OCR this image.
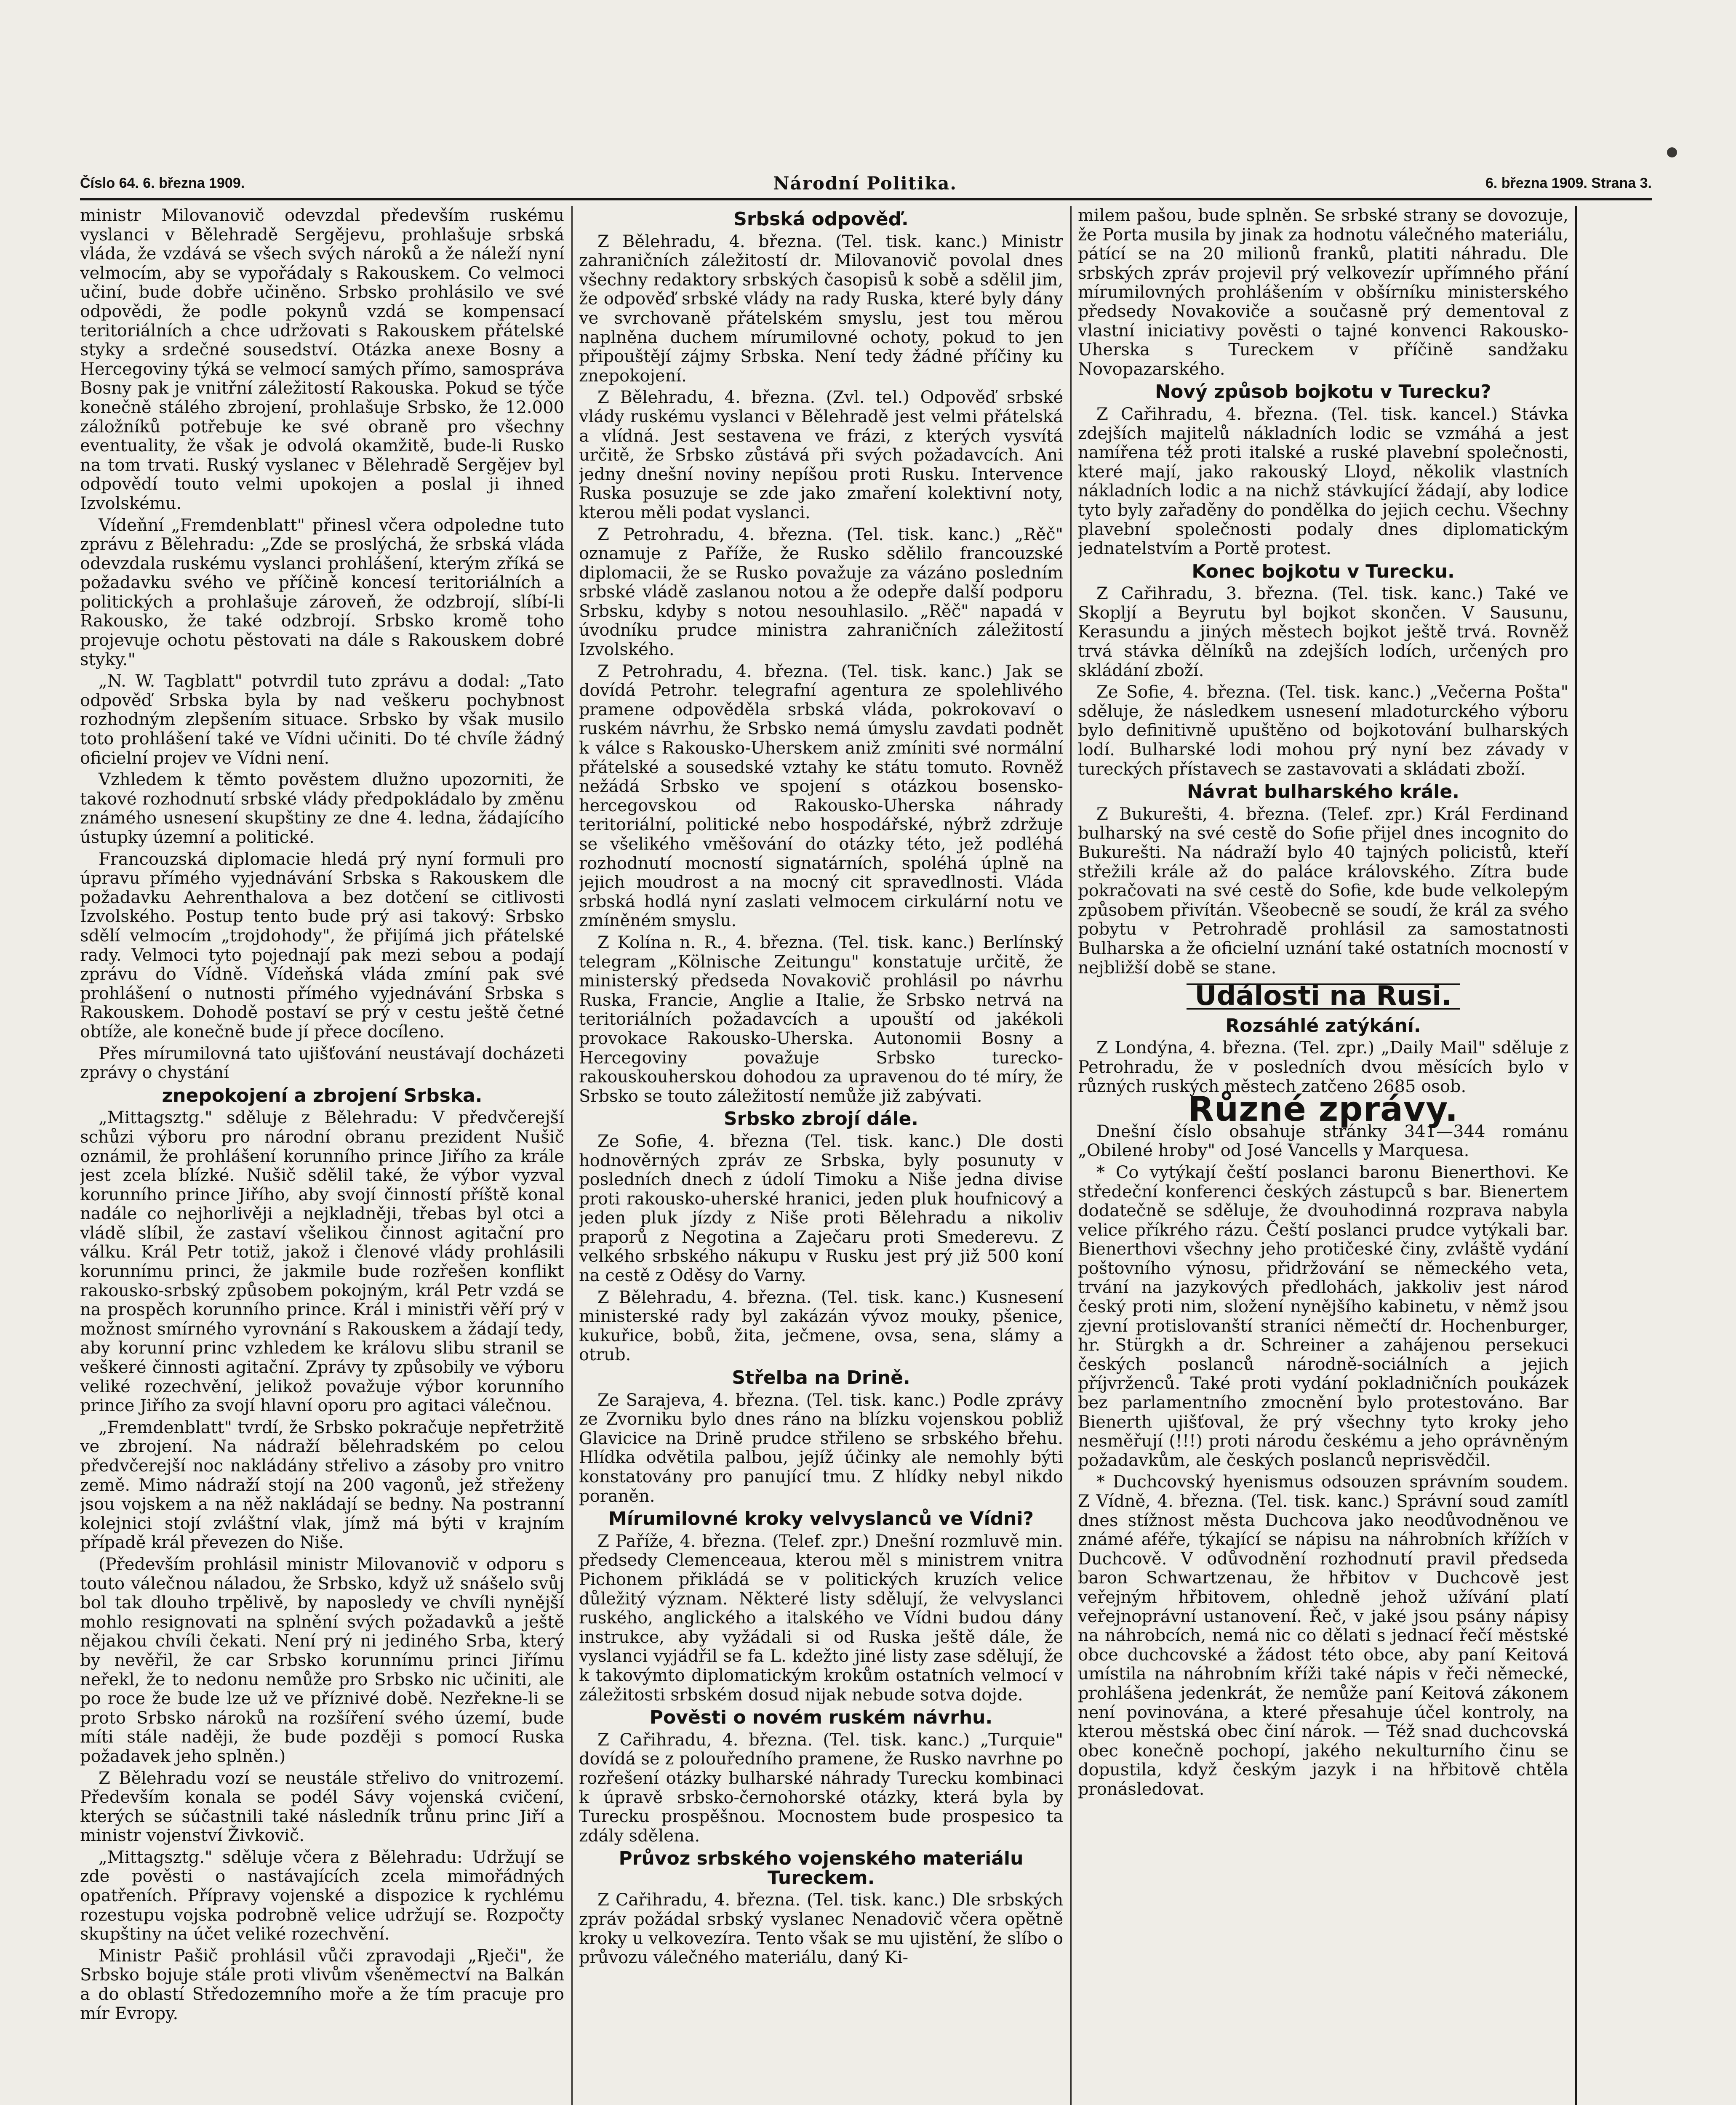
Číslo 64. 6. března 1909.	Národní Politika.	6. března 1909. Strana 3.

ministr Milovanovič odevzdal především ruskému vyslanci v Bělehradě Sergějevu, prohlašuje srbská vláda, že vzdává se všech svých nároků a že náleží nyní velmocím, aby se vypořádaly s Rakouskem. Co velmoci učiní, bude dobře učiněno. Srbsko prohlásilo ve své odpovědi, že podle pokynů vzdá se kompensací teritoriálních a chce udržovati s Rakouskem přátelské styky a srdečné sousedství. Otázka anexe Bosny a Hercegoviny týká se velmocí samých přímo, samospráva Bosny pak je vnitřní záležitostí Rakouska. Pokud se týče konečně stálého zbrojení, prohlašuje Srbsko, že 12.000 záložníků potřebuje ke své obraně pro všechny eventuality, že však je odvolá okamžitě, bude-li Rusko na tom trvati. Ruský vyslanec v Bělehradě Sergějev byl odpovědí touto velmi upokojen a poslal ji ihned Izvolskému.

Vídeňní „Fremdenblatt" přinesl včera odpoledne tuto zprávu z Bělehradu: „Zde se proslýchá, že srbská vláda odevzdala ruskému vyslanci prohlášení, kterým zříká se požadavku svého ve příčině koncesí teritoriálních a politických a prohlašuje zároveň, že odzbrojí, slíbí-li Rakousko, že také odzbrojí. Srbsko kromě toho projevuje ochotu pěstovati na dále s Rakouskem dobré styky."

„N. W. Tagblatt" potvrdil tuto zprávu a dodal: „Tato odpověď Srbska byla by nad veškeru pochybnost rozhodným zlepšením situace. Srbsko by však musilo toto prohlášení také ve Vídni učiniti. Do té chvíle žádný oficielní projev ve Vídni není.

Vzhledem k těmto pověstem dlužno upozorniti, že takové rozhodnutí srbské vlády předpokládalo by změnu známého usnesení skupštiny ze dne 4. ledna, žádajícího ústupky územní a politické.

Francouzská diplomacie hledá prý nyní formuli pro úpravu přímého vyjednávání Srbska s Rakouskem dle požadavku Aehrenthalova a bez dotčení se citlivosti Izvolského. Postup tento bude prý asi takový: Srbsko sdělí velmocím „trojdohody", že přijímá jich přátelské rady. Velmoci tyto pojednají pak mezi sebou a podají zprávu do Vídně. Vídeňská vláda zmíní pak své prohlášení o nutnosti přímého vyjednávání Srbska s Rakouskem. Dohodě postaví se prý v cestu ještě četné obtíže, ale konečně bude jí přece docíleno.

Přes mírumilovná tato ujišťování neustávají docházeti zprávy o chystání

znepokojení a zbrojení Srbska.

„Mittagsztg." sděluje z Bělehradu: V předvčerejší schůzi výboru pro národní obranu prezident Nušič oznámil, že prohlášení korunního prince Jiřího za krále jest zcela blízké. Nušič sdělil také, že výbor vyzval korunního prince Jiřího, aby svojí činností příště konal nadále co nejhorlivěji a nejkladněji, třebas byl otci a vládě slíbil, že zastaví všelikou činnost agitační pro válku. Král Petr totiž, jakož i členové vlády prohlásili korunnímu princi, že jakmile bude rozřešen konflikt rakousko-srbský způsobem pokojným, král Petr vzdá se na prospěch korunního prince. Král i ministři věří prý v možnost smírného vyrovnání s Rakouskem a žádají tedy, aby korunní princ vzhledem ke královu slibu stranil se veškeré činnosti agitační. Zprávy ty způsobily ve výboru veliké rozechvění, jelikož považuje výbor korunního prince Jiřího za svojí hlavní oporu pro agitaci válečnou.

„Fremdenblatt" tvrdí, že Srbsko pokračuje nepřetržitě ve zbrojení. Na nádraží bělehradském po celou předvčerejší noc nakládány střelivo a zásoby pro vnitro země. Mimo nádraží stojí na 200 vagonů, jež střeženy jsou vojskem a na něž nakládají se bedny. Na postranní kolejnici stojí zvláštní vlak, jímž má býti v krajním případě král převezen do Niše.

(Především prohlásil ministr Milovanovič v odporu s touto válečnou náladou, že Srbsko, když už snášelo svůj bol tak dlouho trpělivě, by naposledy ve chvíli nynější mohlo resignovati na splnění svých požadavků a ještě nějakou chvíli čekati. Není prý ni jediného Srba, který by nevěřil, že car Srbsko korunnímu princi Jiřímu neřekl, že to nedonu nemůže pro Srbsko nic učiniti, ale po roce že bude lze už ve příznivé době. Nezřekne-li se proto Srbsko nároků na rozšíření svého území, bude míti stále naději, že bude později s pomocí Ruska požadavek jeho splněn.)

Z Bělehradu vozí se neustále střelivo do vnitrozemí. Především konala se podél Sávy vojenská cvičení, kterých se súčastnili také následník trůnu princ Jiří a ministr vojenství Živkovič.

„Mittagsztg." sděluje včera z Bělehradu: Udržují se zde pověsti o nastávajících zcela mimořádných opatřeních. Přípravy vojenské a dispozice k rychlému rozestupu vojska podrobně velice udržují se. Rozpočty skupštiny na účet veliké rozechvění.

Ministr Pašič prohlásil vůči zpravodaji „Rječi", že Srbsko bojuje stále proti vlivům všeněmectví na Balkán a do oblastí Středozemního moře a že tím pracuje pro mír Evropy.

Srbská odpověď.

Z Bělehradu, 4. března. (Tel. tisk. kanc.) Ministr zahraničních záležitostí dr. Milovanovič povolal dnes všechny redaktory srbských časopisů k sobě a sdělil jim, že odpověď srbské vlády na rady Ruska, které byly dány ve svrchovaně přátelském smyslu, jest tou měrou naplněna duchem mírumilovné ochoty, pokud to jen připouštějí zájmy Srbska. Není tedy žádné příčiny ku znepokojení.

Z Bělehradu, 4. března. (Zvl. tel.) Odpověď srbské vlády ruskému vyslanci v Bělehradě jest velmi přátelská a vlídná. Jest sestavena ve frázi, z kterých vysvítá určitě, že Srbsko zůstává při svých požadavcích. Ani jedny dnešní noviny nepíšou proti Rusku. Intervence Ruska posuzuje se zde jako zmaření kolektivní noty, kterou měli podat vyslanci.

Z Petrohradu, 4. března. (Tel. tisk. kanc.) „Rěč" oznamuje z Paříže, že Rusko sdělilo francouzské diplomacii, že se Rusko považuje za vázáno posledním srbské vládě zaslanou notou a že odepře další podporu Srbsku, kdyby s notou nesouhlasilo. „Rěč" napadá v úvodníku prudce ministra zahraničních záležitostí Izvolského.

Z Petrohradu, 4. března. (Tel. tisk. kanc.) Jak se dovídá Petrohr. telegrafní agentura ze spolehlivého pramene odpověděla srbská vláda, pokrokovaví o ruském návrhu, že Srbsko nemá úmyslu zavdati podnět k válce s Rakousko-Uherskem aniž zmíniti své normální přátelské a sousedské vztahy ke státu tomuto. Rovněž nežádá Srbsko ve spojení s otázkou bosensko-hercegovskou od Rakousko-Uherska náhrady teritoriální, politické nebo hospodářské, nýbrž zdržuje se všelikého vměšování do otázky této, jež podléhá rozhodnutí mocností signatárních, spoléhá úplně na jejich moudrost a na mocný cit spravedlnosti. Vláda srbská hodlá nyní zaslati velmocem cirkulární notu ve zmíněném smyslu.

Z Kolína n. R., 4. března. (Tel. tisk. kanc.) Berlínský telegram „Kölnische Zeitungu" konstatuje určitě, že ministerský předseda Novakovič prohlásil po návrhu Ruska, Francie, Anglie a Italie, že Srbsko netrvá na teritoriálních požadavcích a upouští od jakékoli provokace Rakousko-Uherska. Autonomii Bosny a Hercegoviny považuje Srbsko turecko-rakouskouherskou dohodou za upravenou do té míry, že Srbsko se touto záležitostí nemůže již zabývati.

Srbsko zbrojí dále.

Ze Sofie, 4. března (Tel. tisk. kanc.) Dle dosti hodnověrných zpráv ze Srbska, byly posunuty v posledních dnech z údolí Timoku a Niše jedna divise proti rakousko-uherské hranici, jeden pluk houfnicový a jeden pluk jízdy z Niše proti Bělehradu a nikoliv praporů z Negotina a Zaječaru proti Smederevu. Z velkého srbského nákupu v Rusku jest prý již 500 koní na cestě z Oděsy do Varny.

Z Bělehradu, 4. března. (Tel. tisk. kanc.) Kusnesení ministerské rady byl zakázán vývoz mouky, pšenice, kukuřice, bobů, žita, ječmene, ovsa, sena, slámy a otrub.

Střelba na Drině.

Ze Sarajeva, 4. března. (Tel. tisk. kanc.) Podle zprávy ze Zvorniku bylo dnes ráno na blízku vojenskou pobliž Glavicice na Drině prudce střileno se srbského břehu. Hlídka odvětila palbou, jejíž účinky ale nemohly býti konstatovány pro panující tmu. Z hlídky nebyl nikdo poraněn.

Mírumilovné kroky velvyslanců ve Vídni?

Z Paříže, 4. března. (Telef. zpr.) Dnešní rozmluvě min. předsedy Clemenceaua, kterou měl s ministrem vnitra Pichonem přikládá se v politických kruzích velice důležitý význam. Některé listy sdělují, že velvyslanci ruského, anglického a italského ve Vídni budou dány instrukce, aby vyžádali si od Ruska ještě dále, že vyslanci vyjádřil se fa L. kdežto jiné listy zase sdělují, že k takovýmto diplomatickým krokům ostatních velmocí v záležitosti srbském dosud nijak nebude sotva dojde.

Pověsti o novém ruském návrhu.

Z Cařihradu, 4. března. (Tel. tisk. kanc.) „Turquie" dovídá se z polouředního pramene, že Rusko navrhne po rozřešení otázky bulharské náhrady Turecku kombinaci k úpravě srbsko-černohorské otázky, která byla by Turecku prospěšnou. Mocnostem bude prospesico ta zdály sdělena.

Průvoz srbského vojenského materiálu Tureckem.

Z Cařihradu, 4. března. (Tel. tisk. kanc.) Dle srbských zpráv požádal srbský vyslanec Nenadovič včera opětně kroky u velkovezíra. Tento však se mu ujistění, že slíbo o průvozu válečného materiálu, daný Ki-

milem pašou, bude splněn. Se srbské strany se dovozuje, že Porta musila by jinak za hodnotu válečného materiálu, pátící se na 20 milionů franků, platiti náhradu. Dle srbských zpráv projevil prý velkovezír upřímného přání mírumilovných prohlášením v obšírníku ministerského předsedy Novakoviče a současně prý dementoval z vlastní iniciativy pověsti o tajné konvenci Rakousko-Uherska s Tureckem v příčině sandžaku Novopazarského.

Nový způsob bojkotu v Turecku?

Z Cařihradu, 4. března. (Tel. tisk. kancel.) Stávka zdejších majitelů nákladních lodic se vzmáhá a jest namířena též proti italské a ruské plavební společnosti, které mají, jako rakouský Lloyd, několik vlastních nákladních lodic a na nichž stávkující žádají, aby lodice tyto byly zařaděny do pondělka do jejich cechu. Všechny plavební společnosti podaly dnes diplomatickým jednatelstvím a Portě protest.

Konec bojkotu v Turecku.

Z Cařihradu, 3. března. (Tel. tisk. kanc.) Také ve Skopljí a Beyrutu byl bojkot skončen. V Sausunu, Kerasundu a jiných městech bojkot ještě trvá. Rovněž trvá stávka dělníků na zdejších lodích, určených pro skládání zboží.

Ze Sofie, 4. března. (Tel. tisk. kanc.) „Večerna Pošta" sděluje, že následkem usnesení mladoturckého výboru bylo definitivně upuštěno od bojkotování bulharských lodí. Bulharské lodi mohou prý nyní bez závady v tureckých přístavech se zastavovati a skládati zboží.

Návrat bulharského krále.

Z Bukurešti, 4. března. (Telef. zpr.) Král Ferdinand bulharský na své cestě do Sofie přijel dnes incognito do Bukurešti. Na nádraží bylo 40 tajných policistů, kteří střežili krále až do paláce královského. Zítra bude pokračovati na své cestě do Sofie, kde bude velkolepým způsobem přivítán. Všeobecně se soudí, že král za svého pobytu v Petrohradě prohlásil za samostatnosti Bulharska a že oficielní uznání také ostatních mocností v nejbližší době se stane.

Události na Rusi.
Rozsáhlé zatýkání.

Z Londýna, 4. března. (Tel. zpr.) „Daily Mail" sděluje z Petrohradu, že v posledních dvou měsících bylo v různých ruských městech zatčeno 2685 osob.

Různé zprávy.

Dnešní číslo obsahuje stránky 341—344 románu „Obilené hroby" od José Vancells y Marquesa.

* Co vytýkají čeští poslanci baronu Bienerthovi. Ke středeční konferenci českých zástupců s bar. Bienertem dodatečně se sděluje, že dvouhodinná rozprava nabyla velice příkrého rázu. Čeští poslanci prudce vytýkali bar. Bienerthovi všechny jeho protičeské činy, zvláště vydání poštovního výnosu, přidržování se německého veta, trvání na jazykových předlohách, jakkoliv jest národ český proti nim, složení nynějšího kabinetu, v němž jsou zjevní protislovanští straníci němečtí dr. Hochenburger, hr. Stürgkh a dr. Schreiner a zahájenou persekuci českých poslanců národně-sociálních a jejich příjvrženců. Také proti vydání pokladničních poukázek bez parlamentního zmocnění bylo protestováno. Bar Bienerth ujišťoval, že prý všechny tyto kroky jeho nesměřují (!!!) proti národu českému a jeho oprávněným požadavkům, ale českých poslanců neprisvědčil.

* Duchcovský hyenismus odsouzen správním soudem. Z Vídně, 4. března. (Tel. tisk. kanc.) Správní soud zamítl dnes stížnost města Duchcova jako neodůvodněnou ve známé aféře, týkající se nápisu na náhrobních křížích v Duchcově. V odůvodnění rozhodnutí pravil předseda baron Schwartzenau, že hřbitov v Duchcově jest veřejným hřbitovem, ohledně jehož užívání platí veřejnoprávní ustanovení. Řeč, v jaké jsou psány nápisy na náhrobcích, nemá nic co dělati s jednací řečí městské obce duchcovské a žádost této obce, aby paní Keitová umístila na náhrobním kříži také nápis v řeči německé, prohlášena jedenkrát, že nemůže paní Keitová zákonem není povinována, a které přesahuje účel kontroly, na kterou městská obec činí nárok. — Též snad duchcovská obec konečně pochopí, jakého nekulturního činu se dopustila, když českým jazyk i na hřbitově chtěla pronásledovat.
